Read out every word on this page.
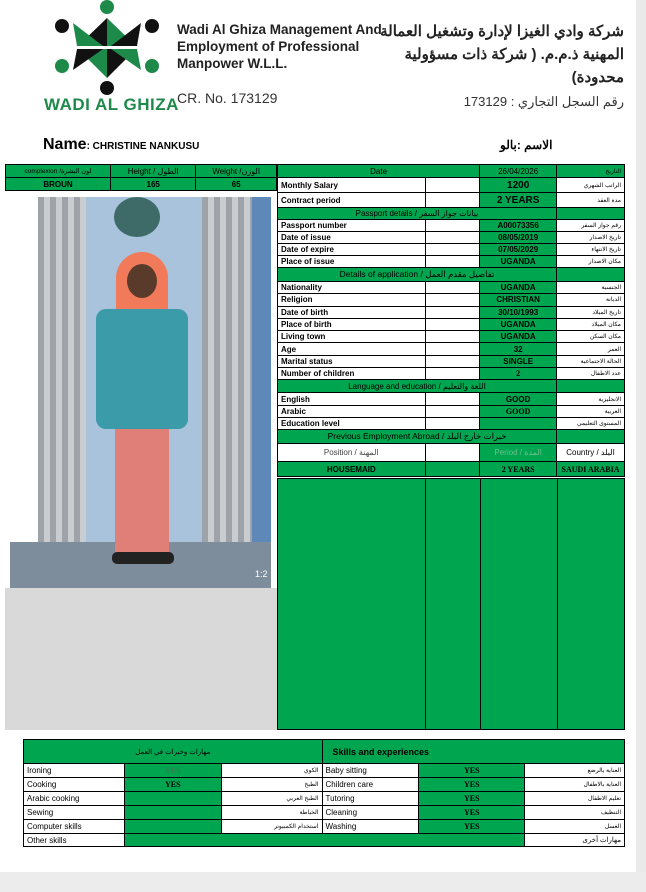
WADI AL GHIZA
Wadi Al Ghiza Management And
Employment of Professional
Manpower W.L.L.
CR. No. 173129
شركة وادي الغيزا لإدارة وتشغيل العمالة
المهنية ذ.م.م. ( شركة ذات مسؤولية
محدودة)
رقم السجل التجاري : 173129
Name: CHRISTINE NANKUSU	الاسم :بالو
complexion /لون البشرة	Height / الطول	Weight /الوزن
BROUN	165	65
1:2
Date		26/04/2026	التاريخ
Monthly Salary		1200	الراتب الشهري
Contract period		2 YEARS	مدة العقد
Passport details / بيانات جواز السفر			
Passport number		A00073356	رقم جواز السفر
Date of issue		08/05/2019	تاريخ الاصدار
Date of expire		07/05/2029	تاريخ الانتهاء
Place of issue		UGANDA	مكان الاصدار
Details of application / تفاصيل مقدم العمل			
Nationality		UGANDA	الجنسية
Religion		CHRISTIAN	الديانة
Date of birth		30/10/1993	تاريخ الميلاد
Place of birth		UGANDA	مكان الميلاد
Living town		UGANDA	مكان السكن
Age		32	العمر
Marital status		SINGLE	الحالة الاجتماعية
Number of children		2	عدد الاطفال
Language and education / اللغة والتعليم			
English		GOOD	الانجليزية
Arabic		GOOD	العربية
Education level			المستوى التعليمي
Previous Employment Abroad / خبرات خارج البلد			
Position / المهنة		Period / المدة	Country / البلد
HOUSEMAID		2 YEARS	SAUDI ARABIA
مهارات وخبرات في العمل			Skills and experiences		
Ironing	YES	الكوي	Baby sitting	YES	العناية بالرضع
Cooking	YES	الطبخ	Children care	YES	العناية بالاطفال
Arabic cooking		الطبخ العربي	Tutoring	YES	تعليم الاطفال
Sewing		الخياطة	Cleaning	YES	التنظيف
Computer skills		استخدام الكمبيوتر	Washing	YES	الغسل
Other skills					مهارات أخرى
